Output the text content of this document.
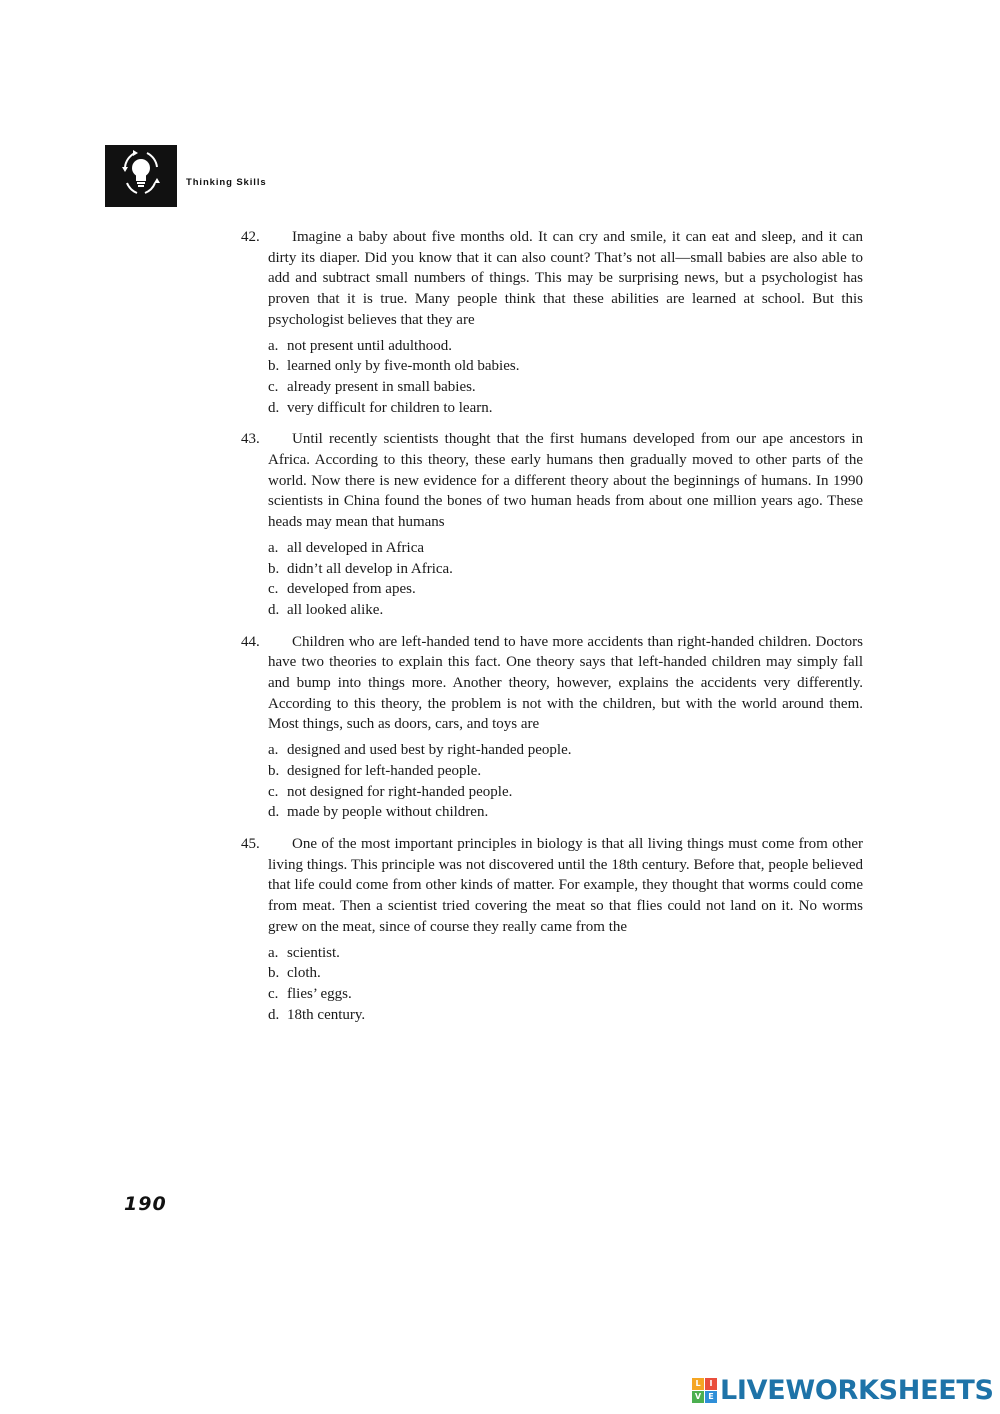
Thinking Skills
42.	Imagine a baby about five months old. It can cry and smile, it can eat and sleep, and it can dirty its diaper. Did you know that it can also count? That’s not all—small babies are also able to add and subtract small numbers of things. This may be surprising news, but a psychologist has proven that it is true. Many people think that these abilities are learned at school. But this psychologist believes that they are
a. not present until adulthood.
b. learned only by five-month old babies.
c. already present in small babies.
d. very difficult for children to learn.
43.	Until recently scientists thought that the first humans developed from our ape ancestors in Africa. According to this theory, these early humans then gradually moved to other parts of the world. Now there is new evidence for a different theory about the beginnings of humans. In 1990 scientists in China found the bones of two human heads from about one million years ago. These heads may mean that humans
a. all developed in Africa
b. didn’t all develop in Africa.
c. developed from apes.
d. all looked alike.
44.	Children who are left-handed tend to have more accidents than right-handed children. Doctors have two theories to explain this fact. One theory says that left-handed children may simply fall and bump into things more. Another theory, however, explains the accidents very differently. According to this theory, the problem is not with the children, but with the world around them. Most things, such as doors, cars, and toys are
a. designed and used best by right-handed people.
b. designed for left-handed people.
c. not designed for right-handed people.
d. made by people without children.
45.	One of the most important principles in biology is that all living things must come from other living things. This principle was not discovered until the 18th century. Before that, people believed that life could come from other kinds of matter. For example, they thought that worms could come from meat. Then a scientist tried covering the meat so that flies could not land on it. No worms grew on the meat, since of course they really came from the
a. scientist.
b. cloth.
c. flies’ eggs.
d. 18th century.
190
L	I
V E LIVEWORKSHEETS
